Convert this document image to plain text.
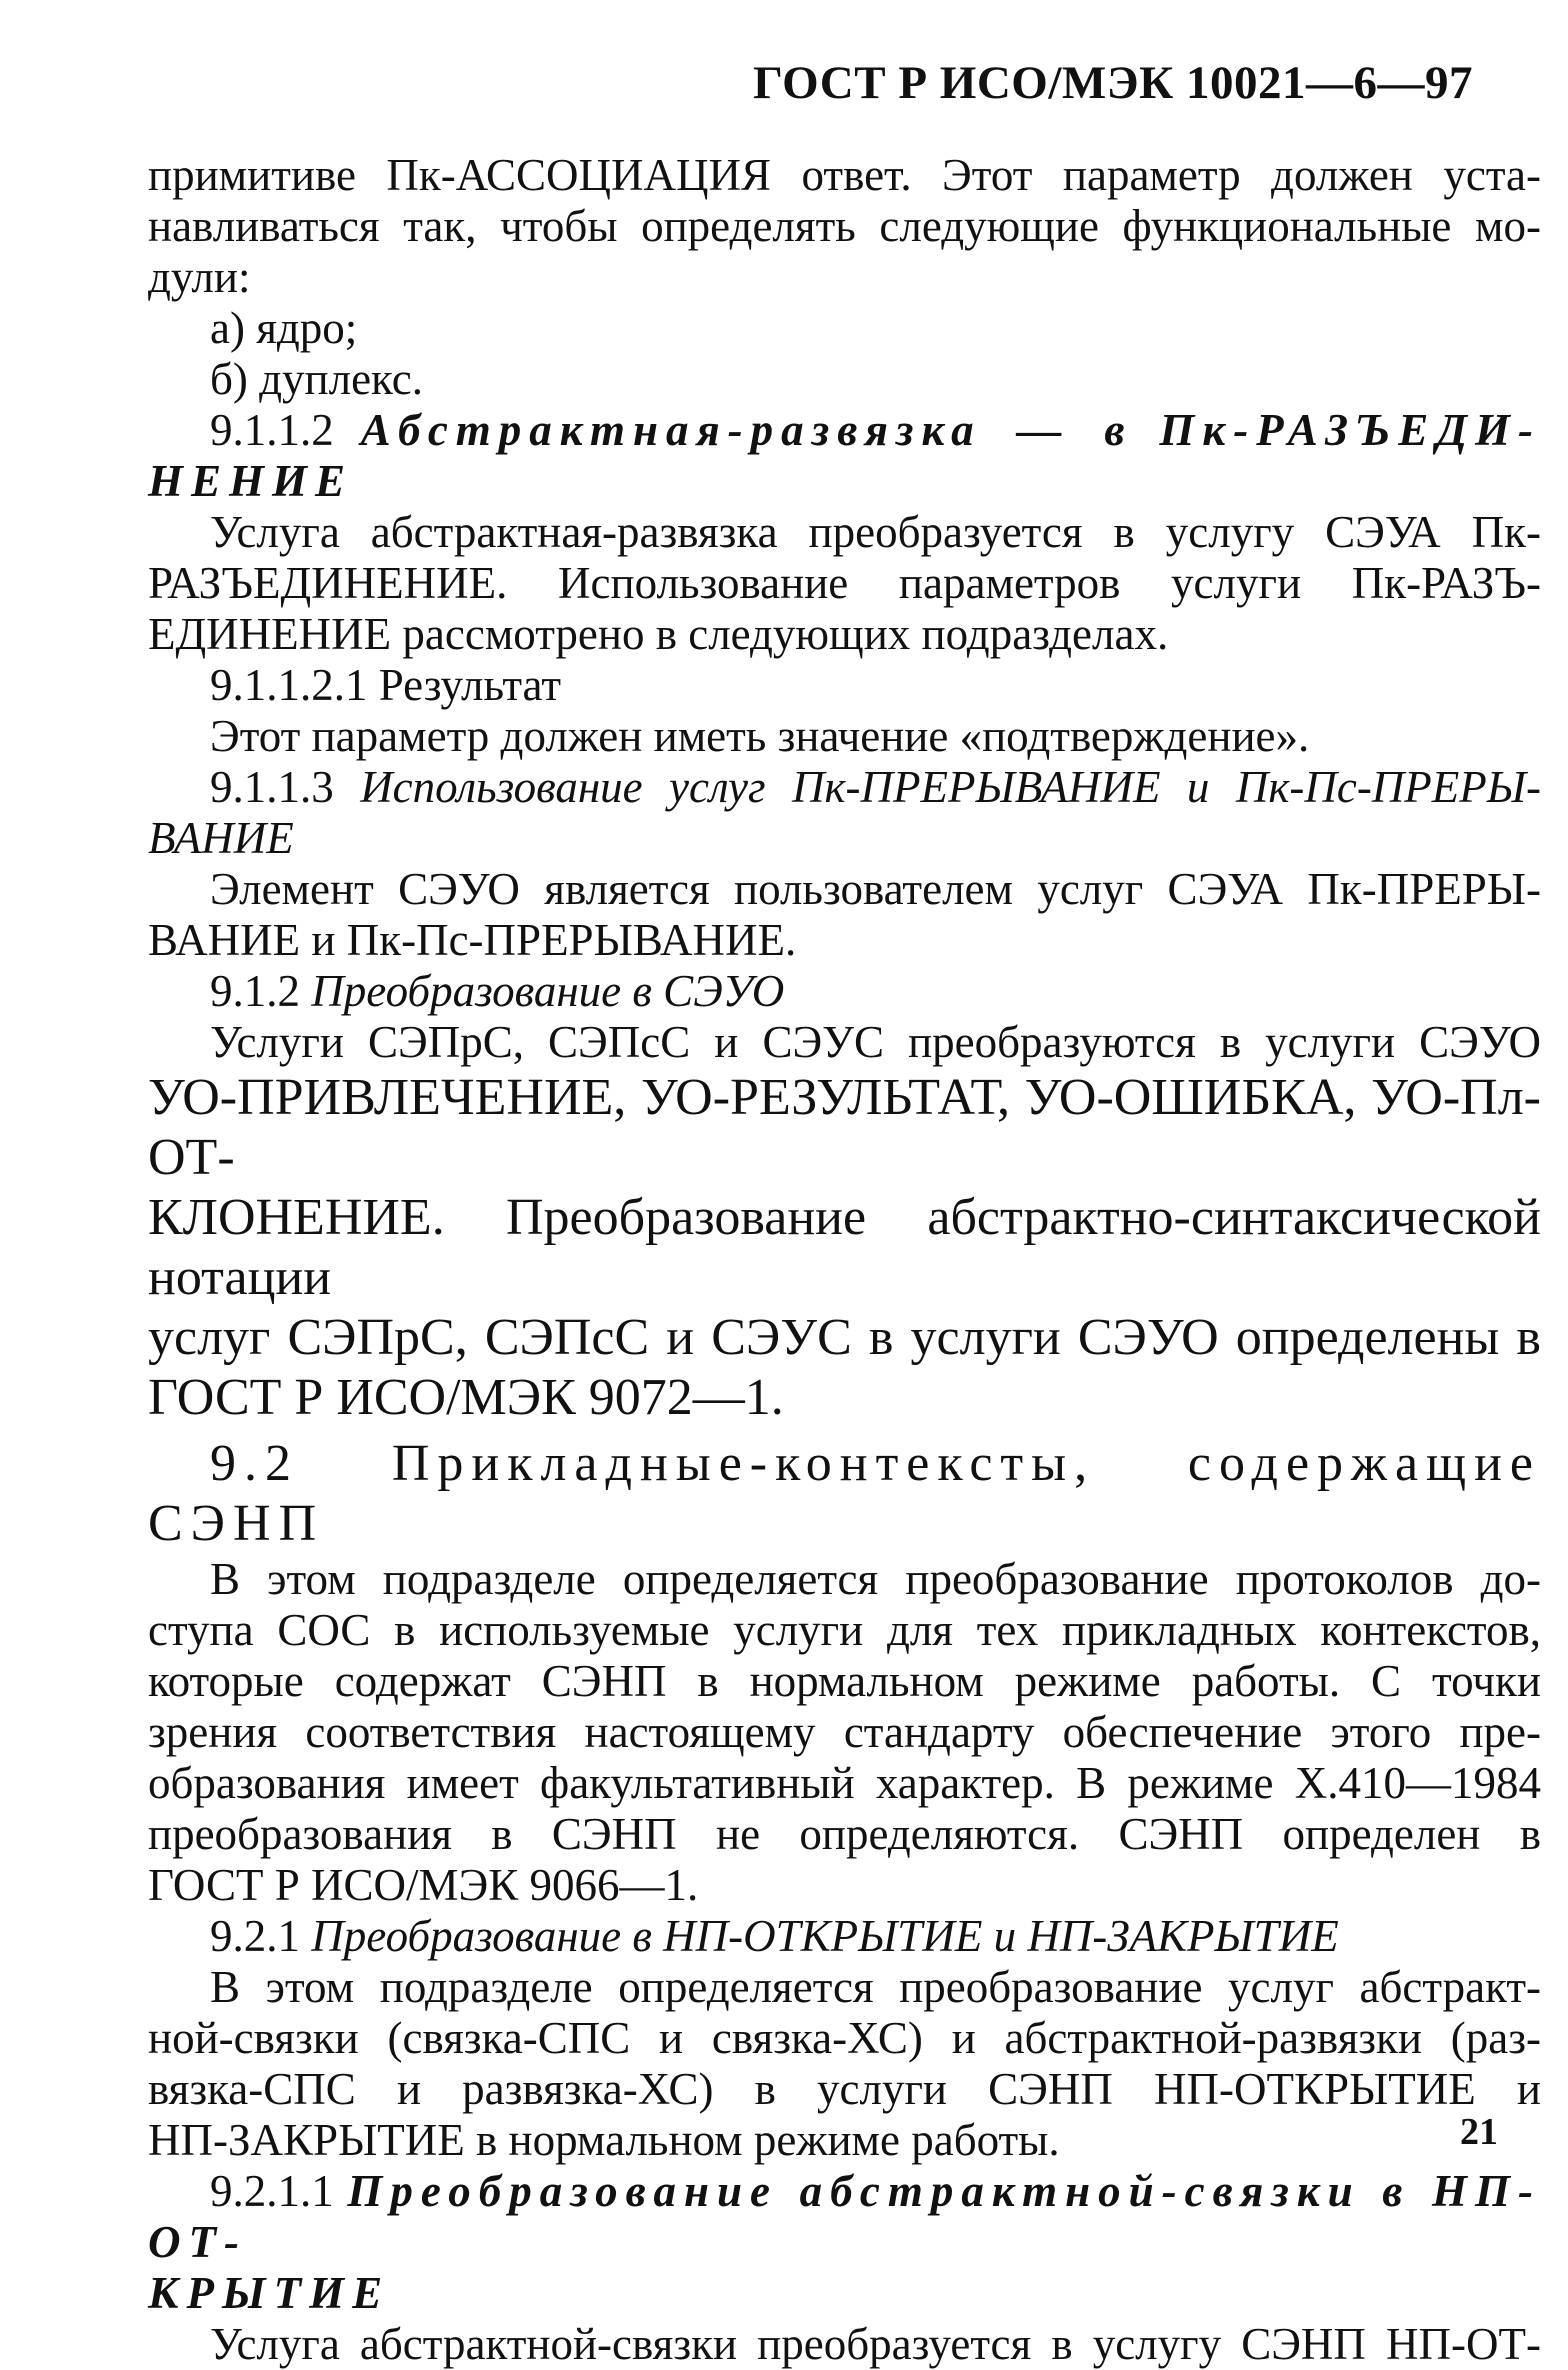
ГОСТ Р ИСО/МЭК 10021—6—97

примитиве Пк-АССОЦИАЦИЯ ответ. Этот параметр должен уста-

навливаться так, чтобы определять следующие функциональные мо-

дули:

а) ядро;

б) дуплекс.

9.1.1.2 Абстрактная-развязка — в Пк-РАЗЪЕДИ-

НЕНИЕ

Услуга абстрактная-развязка преобразуется в услугу СЭУА Пк-

РАЗЪЕДИНЕНИЕ. Использование параметров услуги Пк-РАЗЪ-

ЕДИНЕНИЕ рассмотрено в следующих подразделах.

9.1.1.2.1 Результат

Этот параметр должен иметь значение «подтверждение».

9.1.1.3 Использование услуг Пк-ПРЕРЫВАНИЕ и Пк-Пс-ПРЕРЫ-

ВАНИЕ

Элемент СЭУО является пользователем услуг СЭУА Пк-ПРЕРЫ-

ВАНИЕ и Пк-Пс-ПРЕРЫВАНИЕ.

9.1.2 Преобразование в СЭУО

Услуги СЭПрС, СЭПсС и СЭУС преобразуются в услуги СЭУО

УО-ПРИВЛЕЧЕНИЕ, УО-РЕЗУЛЬТАТ, УО-ОШИБКА, УО-Пл-ОТ-

КЛОНЕНИЕ. Преобразование абстрактно-синтаксической нотации

услуг СЭПрС, СЭПсС и СЭУС в услуги СЭУО определены в

ГОСТ Р ИСО/МЭК 9072—1.

9.2 Прикладные-контексты, содержащие СЭНП

В этом подразделе определяется преобразование протоколов до-

ступа СОС в используемые услуги для тех прикладных контекстов,

которые содержат СЭНП в нормальном режиме работы. С точки

зрения соответствия настоящему стандарту обеспечение этого пре-

образования имеет факультативный характер. В режиме X.410—1984

преобразования в СЭНП не определяются. СЭНП определен в

ГОСТ Р ИСО/МЭК 9066—1.

9.2.1 Преобразование в НП-ОТКРЫТИЕ и НП-ЗАКРЫТИЕ

В этом подразделе определяется преобразование услуг абстракт-

ной-связки (связка-СПС и связка-ХС) и абстрактной-развязки (раз-

вязка-СПС и развязка-ХС) в услуги СЭНП НП-ОТКРЫТИЕ и

НП-ЗАКРЫТИЕ в нормальном режиме работы.

9.2.1.1 Преобразование абстрактной-связки в НП-ОТ-

КРЫТИЕ

Услуга абстрактной-связки преобразуется в услугу СЭНП НП-ОТ-

21
